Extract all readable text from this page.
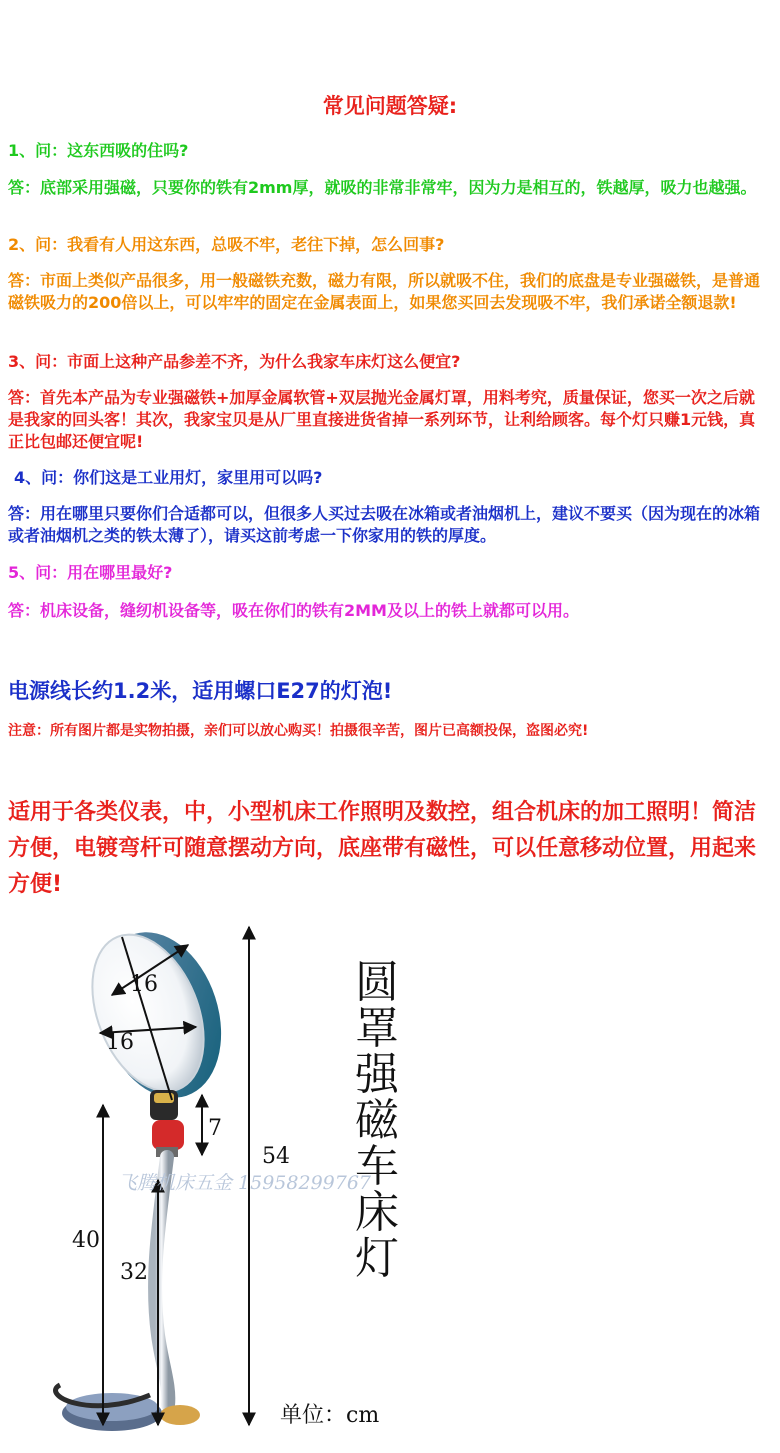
常见问题答疑:

1、问：这东西吸的住吗?

答：底部采用强磁，只要你的铁有2mm厚，就吸的非常非常牢，因为力是相互的，铁越厚，吸力也越强。

2、问：我看有人用这东西，总吸不牢，老往下掉，怎么回事?

答：市面上类似产品很多，用一般磁铁充数，磁力有限，所以就吸不住，我们的底盘是专业强磁铁，是普通磁铁吸力的200倍以上，可以牢牢的固定在金属表面上，如果您买回去发现吸不牢，我们承诺全额退款!

3、问：市面上这种产品参差不齐，为什么我家车床灯这么便宜?

答：首先本产品为专业强磁铁+加厚金属软管+双层抛光金属灯罩，用料考究，质量保证，您买一次之后就是我家的回头客！其次，我家宝贝是从厂里直接进货省掉一系列环节，让利给顾客。每个灯只赚1元钱，真正比包邮还便宜呢!

4、问：你们这是工业用灯，家里用可以吗?

答：用在哪里只要你们合适都可以，但很多人买过去吸在冰箱或者油烟机上，建议不要买（因为现在的冰箱或者油烟机之类的铁太薄了），请买这前考虑一下你家用的铁的厚度。

5、问：用在哪里最好?

答：机床设备，缝纫机设备等，吸在你们的铁有2MM及以上的铁上就都可以用。

电源线长约1.2米，适用螺口E27的灯泡!
注意：所有图片都是实物拍摄，亲们可以放心购买！拍摄很辛苦，图片已高额投保，盗图必究!

适用于各类仪表，中，小型机床工作照明及数控，组合机床的加工照明！简洁方便，电镀弯杆可随意摆动方向，底座带有磁性，可以任意移动位置，用起来方便!

16
16
7
54
40
32
飞腾机床五金 15958299767
圆罩强磁车床灯
单位：cm
